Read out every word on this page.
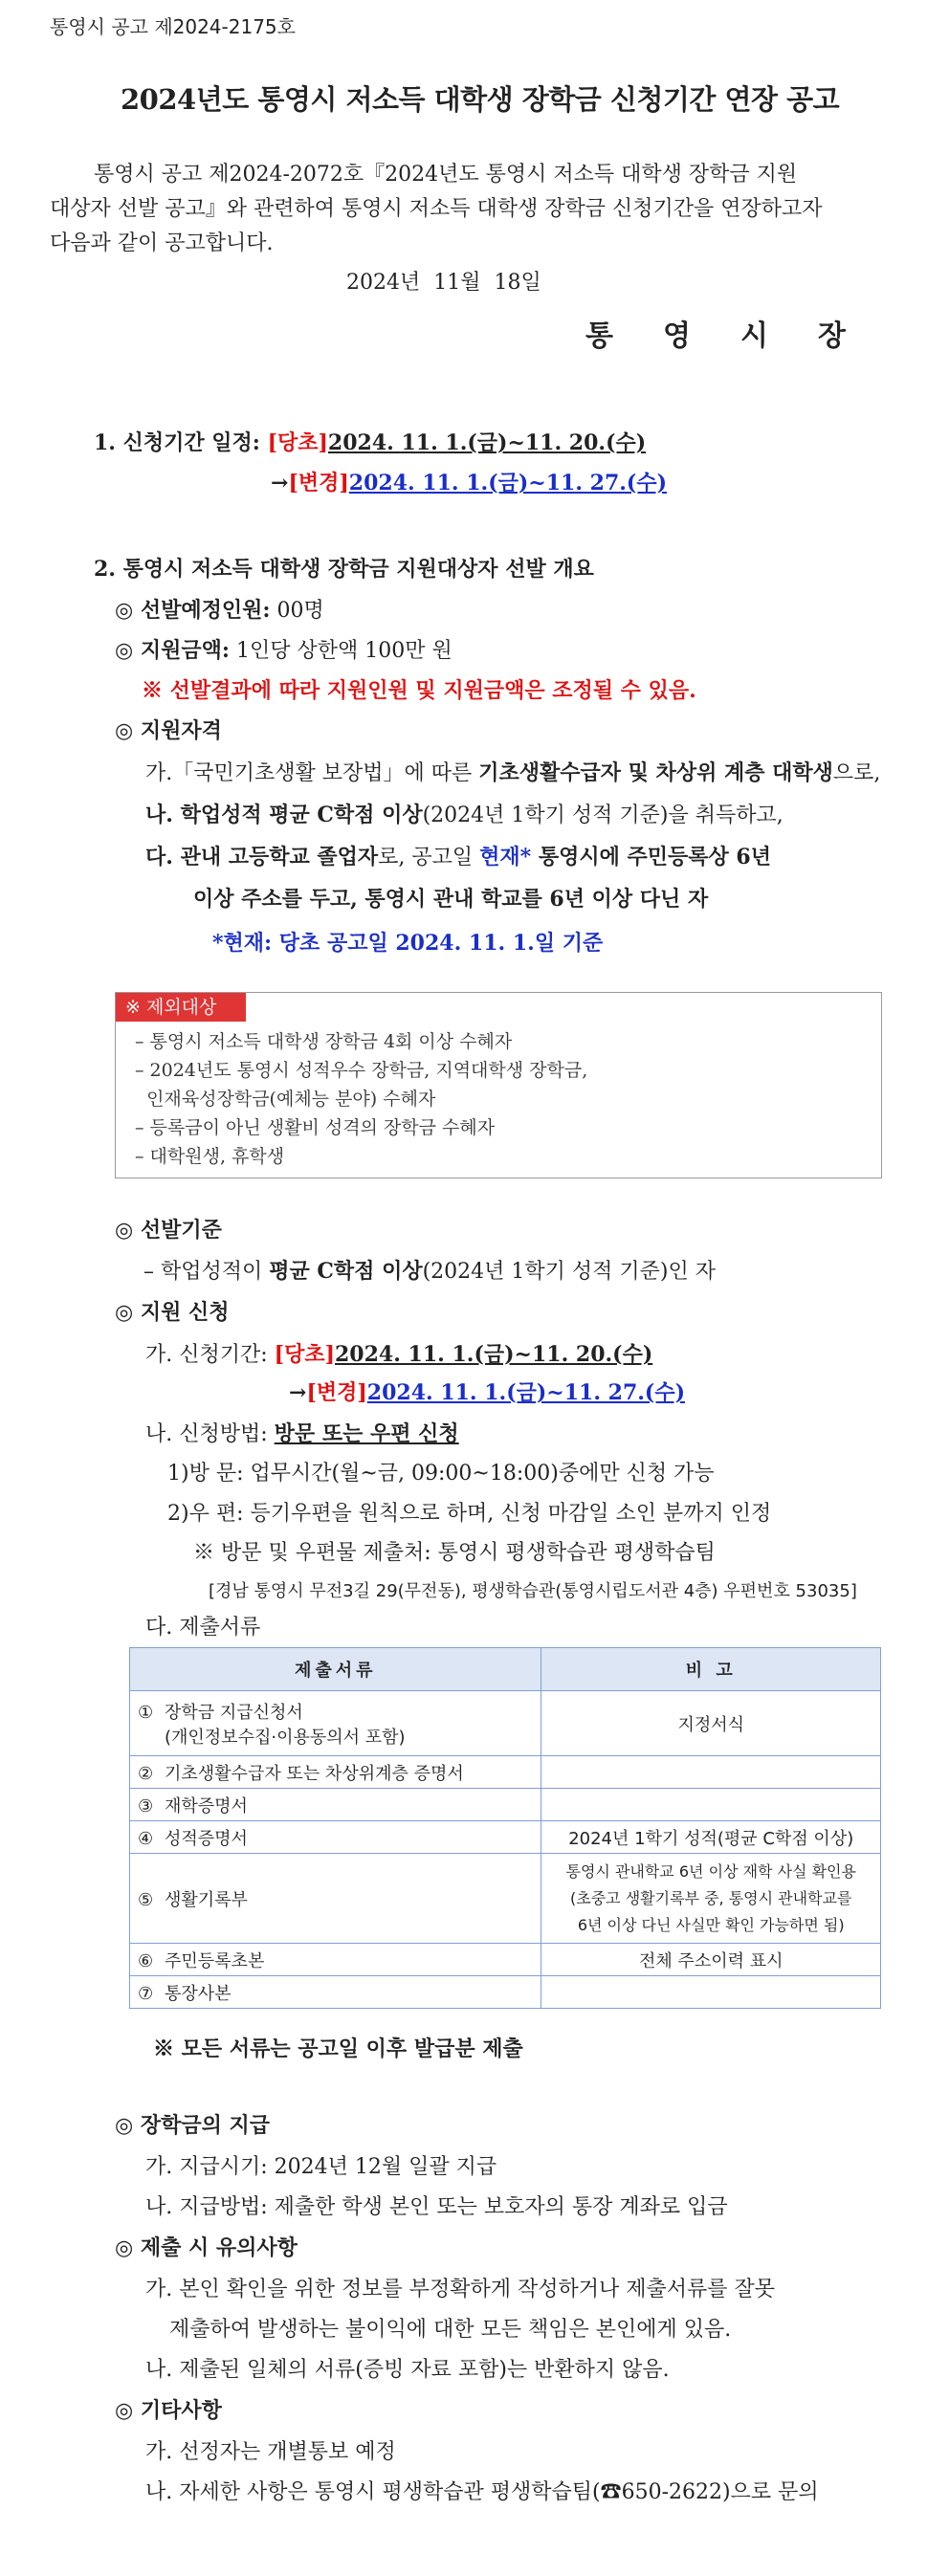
통영시 공고 제2024-2175호
2024년도 통영시 저소득 대학생 장학금 신청기간 연장 공고
통영시 공고 제2024-2072호『2024년도 통영시 저소득 대학생 장학금 지원
대상자 선발 공고』와 관련하여 통영시 저소득 대학생 장학금 신청기간을 연장하고자
다음과 같이 공고합니다.
2024년  11월  18일
통영시장
1. 신청기간 일정: [당초]2024. 11. 1.(금)~11. 20.(수)
→[변경]2024. 11. 1.(금)~11. 27.(수)
2. 통영시 저소득 대학생 장학금 지원대상자 선발 개요
◎ 선발예정인원: 00명
◎ 지원금액: 1인당 상한액 100만 원
※ 선발결과에 따라 지원인원 및 지원금액은 조정될 수 있음.
◎ 지원자격
가.「국민기초생활 보장법」에 따른 기초생활수급자 및 차상위 계층 대학생으로,
나. 학업성적 평균 C학점 이상(2024년 1학기 성적 기준)을 취득하고,
다. 관내 고등학교 졸업자로, 공고일 현재* 통영시에 주민등록상 6년
이상 주소를 두고, 통영시 관내 학교를 6년 이상 다닌 자
*현재: 당초 공고일 2024. 11. 1.일 기준
– 통영시 저소득 대학생 장학금 4회 이상 수혜자
– 2024년도 통영시 성적우수 장학금, 지역대학생 장학금,
인재육성장학금(예체능 분야) 수혜자
– 등록금이 아닌 생활비 성격의 장학금 수혜자
– 대학원생, 휴학생
※ 제외대상
◎ 선발기준
– 학업성적이 평균 C학점 이상(2024년 1학기 성적 기준)인 자
◎ 지원 신청
가. 신청기간: [당초]2024. 11. 1.(금)~11. 20.(수)
→[변경]2024. 11. 1.(금)~11. 27.(수)
나. 신청방법: 방문 또는 우편 신청
1)방 문: 업무시간(월~금, 09:00~18:00)중에만 신청 가능
2)우 편: 등기우편을 원칙으로 하며, 신청 마감일 소인 분까지 인정
※ 방문 및 우편물 제출처: 통영시 평생학습관 평생학습팀
[경남 통영시 무전3길 29(무전동), 평생학습관(통영시립도서관 4층) 우편번호 53035]
다. 제출서류
제출서류	비 고
① 장학금 지급신청서
(개인정보수집·이용동의서 포함)	지정서식
② 기초생활수급자 또는 차상위계층 증명서	
③ 재학증명서	
④ 성적증명서	2024년 1학기 성적(평균 C학점 이상)
⑤ 생활기록부	통영시 관내학교 6년 이상 재학 사실 확인용
(초중고 생활기록부 중, 통영시 관내학교를
6년 이상 다닌 사실만 확인 가능하면 됨)
⑥ 주민등록초본	전체 주소이력 표시
⑦ 통장사본	
※ 모든 서류는 공고일 이후 발급분 제출
◎ 장학금의 지급
가. 지급시기: 2024년 12월 일괄 지급
나. 지급방법: 제출한 학생 본인 또는 보호자의 통장 계좌로 입금
◎ 제출 시 유의사항
가. 본인 확인을 위한 정보를 부정확하게 작성하거나 제출서류를 잘못
제출하여 발생하는 불이익에 대한 모든 책임은 본인에게 있음.
나. 제출된 일체의 서류(증빙 자료 포함)는 반환하지 않음.
◎ 기타사항
가. 선정자는 개별통보 예정
나. 자세한 사항은 통영시 평생학습관 평생학습팀(☎650-2622)으로 문의
